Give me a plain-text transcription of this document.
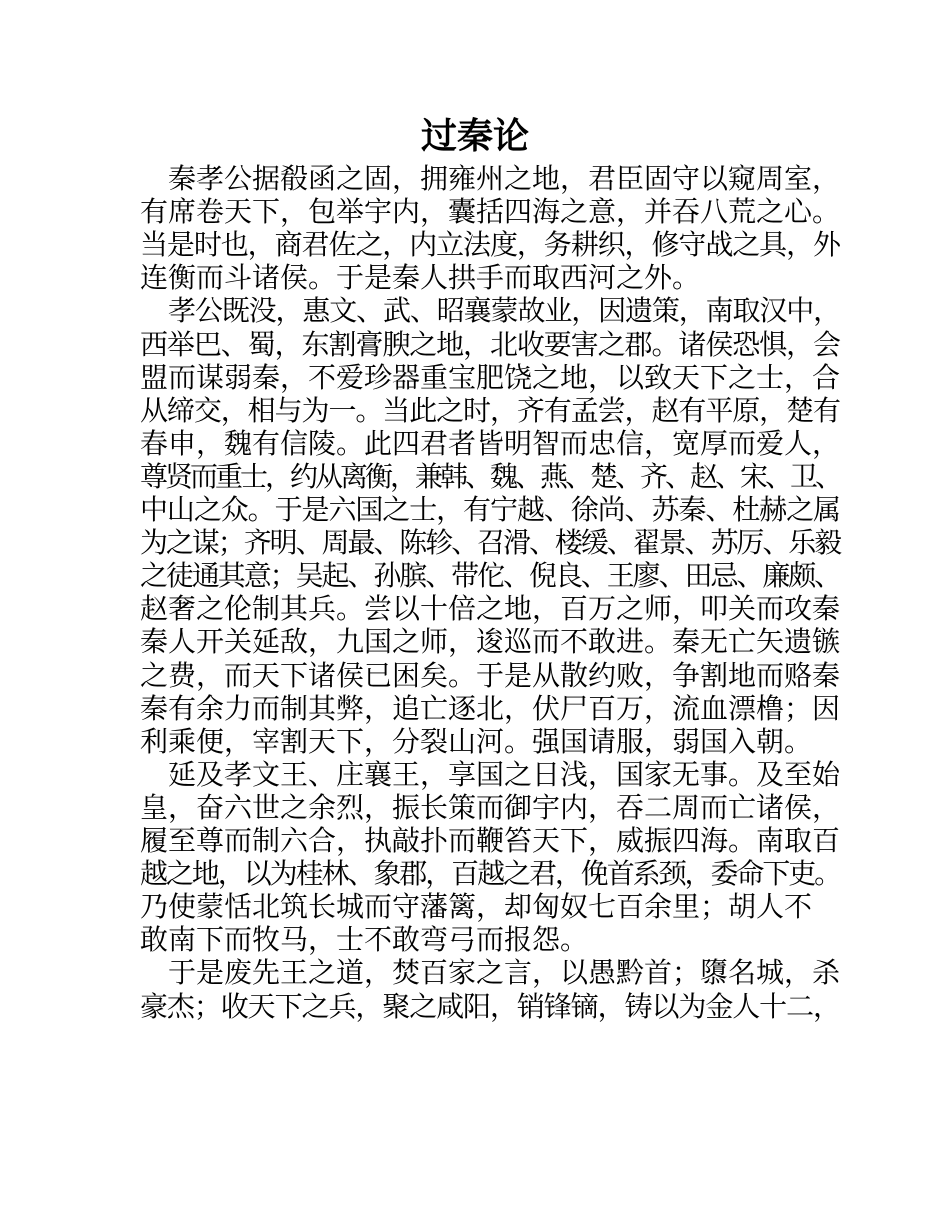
过秦论
秦孝公据殽函之固，拥雍州之地，君臣固守以窥周室，
有席卷天下，包举宇内，囊括四海之意，并吞八荒之心。
当是时也，商君佐之，内立法度，务耕织，修守战之具，外
连衡而斗诸侯。于是秦人拱手而取西河之外。
孝公既没，惠文、武、昭襄蒙故业，因遗策，南取汉中，
西举巴、蜀，东割膏腴之地，北收要害之郡。诸侯恐惧，会
盟而谋弱秦，不爱珍器重宝肥饶之地，以致天下之士，合
从缔交，相与为一。当此之时，齐有孟尝，赵有平原，楚有
春申，魏有信陵。此四君者皆明智而忠信，宽厚而爱人，
尊贤而重士，约从离衡，兼韩、魏、燕、楚、齐、赵、宋、卫、
中山之众。于是六国之士，有宁越、徐尚、苏秦、杜赫之属
为之谋；齐明、周最、陈轸、召滑、楼缓、翟景、苏厉、乐毅
之徒通其意；吴起、孙膑、带佗、倪良、王廖、田忌、廉颇、
赵奢之伦制其兵。尝以十倍之地，百万之师，叩关而攻秦
秦人开关延敌，九国之师，逡巡而不敢进。秦无亡矢遗镞
之费，而天下诸侯已困矣。于是从散约败，争割地而赂秦
秦有余力而制其弊，追亡逐北，伏尸百万，流血漂橹；因
利乘便，宰割天下，分裂山河。强国请服，弱国入朝。
延及孝文王、庄襄王，享国之日浅，国家无事。及至始
皇，奋六世之余烈，振长策而御宇内，吞二周而亡诸侯，
履至尊而制六合，执敲扑而鞭笞天下，威振四海。南取百
越之地，以为桂林、象郡，百越之君，俛首系颈，委命下吏。
乃使蒙恬北筑长城而守藩篱，却匈奴七百余里；胡人不
敢南下而牧马，士不敢弯弓而报怨。
于是废先王之道，焚百家之言，以愚黔首；隳名城，杀
豪杰；收天下之兵，聚之咸阳，销锋镝，铸以为金人十二，
